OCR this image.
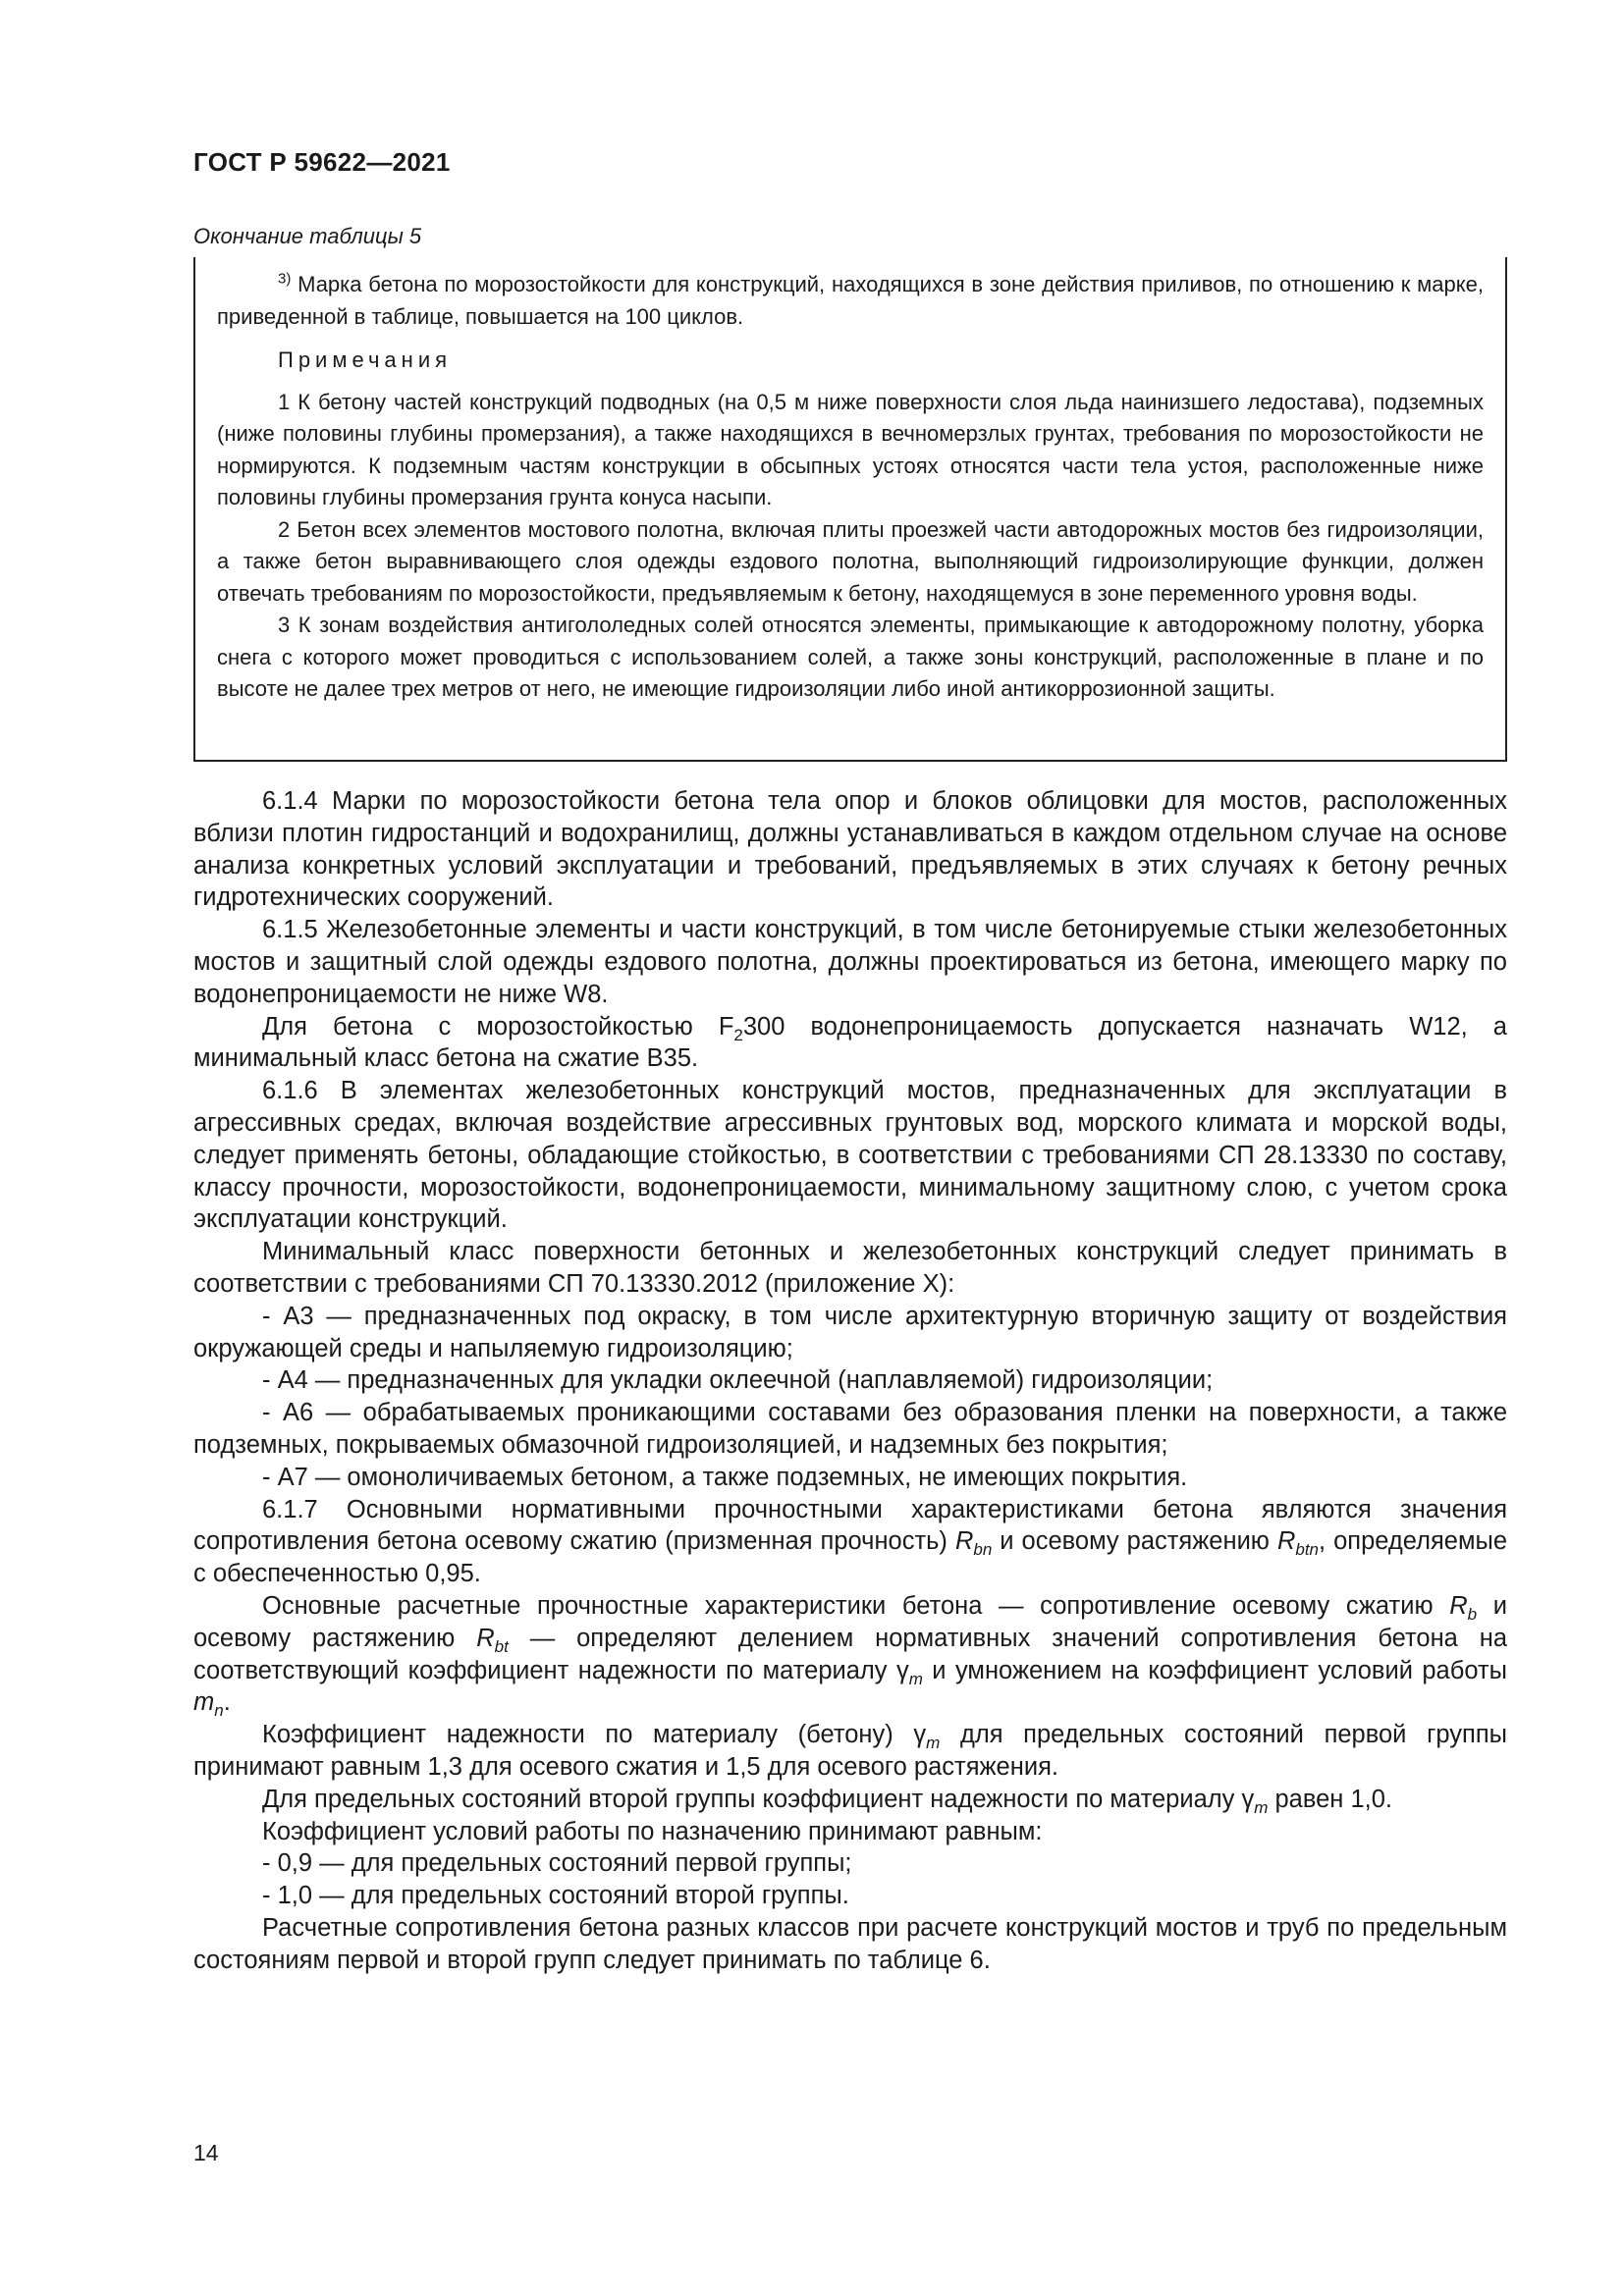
ГОСТ Р 59622—2021
Окончание таблицы 5

$^{3)}$ Марка бетона по морозостойкости для конструкций, находящихся в зоне действия приливов, по отношению к марке, приведенной в таблице, повышается на 100 циклов.

Примечания

1 К бетону частей конструкций подводных (на 0,5 м ниже поверхности слоя льда наинизшего ледостава), подземных (ниже половины глубины промерзания), а также находящихся в вечномерзлых грунтах, требования по морозостойкости не нормируются. К подземным частям конструкции в обсыпных устоях относятся части тела устоя, расположенные ниже половины глубины промерзания грунта конуса насыпи.

2 Бетон всех элементов мостового полотна, включая плиты проезжей части автодорожных мостов без гидроизоляции, а также бетон выравнивающего слоя одежды ездового полотна, выполняющий гидроизолирующие функции, должен отвечать требованиям по морозостойкости, предъявляемым к бетону, находящемуся в зоне переменного уровня воды.

3 К зонам воздействия антигололедных солей относятся элементы, примыкающие к автодорожному полотну, уборка снега с которого может проводиться с использованием солей, а также зоны конструкций, расположенные в плане и по высоте не далее трех метров от него, не имеющие гидроизоляции либо иной антикоррозионной защиты.

6.1.4 Марки по морозостойкости бетона тела опор и блоков облицовки для мостов, расположенных вблизи плотин гидростанций и водохранилищ, должны устанавливаться в каждом отдельном случае на основе анализа конкретных условий эксплуатации и требований, предъявляемых в этих случаях к бетону речных гидротехнических сооружений.

6.1.5 Железобетонные элементы и части конструкций, в том числе бетонируемые стыки железобетонных мостов и защитный слой одежды ездового полотна, должны проектироваться из бетона, имеющего марку по водонепроницаемости не ниже W8.

Для бетона с морозостойкостью $F_2300$ водонепроницаемость допускается назначать W12, а минимальный класс бетона на сжатие B35.

6.1.6 В элементах железобетонных конструкций мостов, предназначенных для эксплуатации в агрессивных средах, включая воздействие агрессивных грунтовых вод, морского климата и морской воды, следует применять бетоны, обладающие стойкостью, в соответствии с требованиями СП 28.13330 по составу, классу прочности, морозостойкости, водонепроницаемости, минимальному защитному слою, с учетом срока эксплуатации конструкций.

Минимальный класс поверхности бетонных и железобетонных конструкций следует принимать в соответствии с требованиями СП 70.13330.2012 (приложение Х):

- А3 — предназначенных под окраску, в том числе архитектурную вторичную защиту от воздействия окружающей среды и напыляемую гидроизоляцию;

- А4 — предназначенных для укладки оклеечной (наплавляемой) гидроизоляции;

- А6 — обрабатываемых проникающими составами без образования пленки на поверхности, а также подземных, покрываемых обмазочной гидроизоляцией, и надземных без покрытия;

- А7 — омоноличиваемых бетоном, а также подземных, не имеющих покрытия.

6.1.7 Основными нормативными прочностными характеристиками бетона являются значения сопротивления бетона осевому сжатию (призменная прочность) $R_{bn}$ и осевому растяжению $R_{btn}$, определяемые с обеспеченностью 0,95.

Основные расчетные прочностные характеристики бетона — сопротивление осевому сжатию $R_b$ и осевому растяжению $R_{bt}$ — определяют делением нормативных значений сопротивления бетона на соответствующий коэффициент надежности по материалу $\gamma_m$ и умножением на коэффициент условий работы $m_n$.

Коэффициент надежности по материалу (бетону) $\gamma_m$ для предельных состояний первой группы принимают равным 1,3 для осевого сжатия и 1,5 для осевого растяжения.

Для предельных состояний второй группы коэффициент надежности по материалу $\gamma_m$ равен 1,0.

Коэффициент условий работы по назначению принимают равным:

- 0,9 — для предельных состояний первой группы;

- 1,0 — для предельных состояний второй группы.

Расчетные сопротивления бетона разных классов при расчете конструкций мостов и труб по предельным состояниям первой и второй групп следует принимать по таблице 6.

14
